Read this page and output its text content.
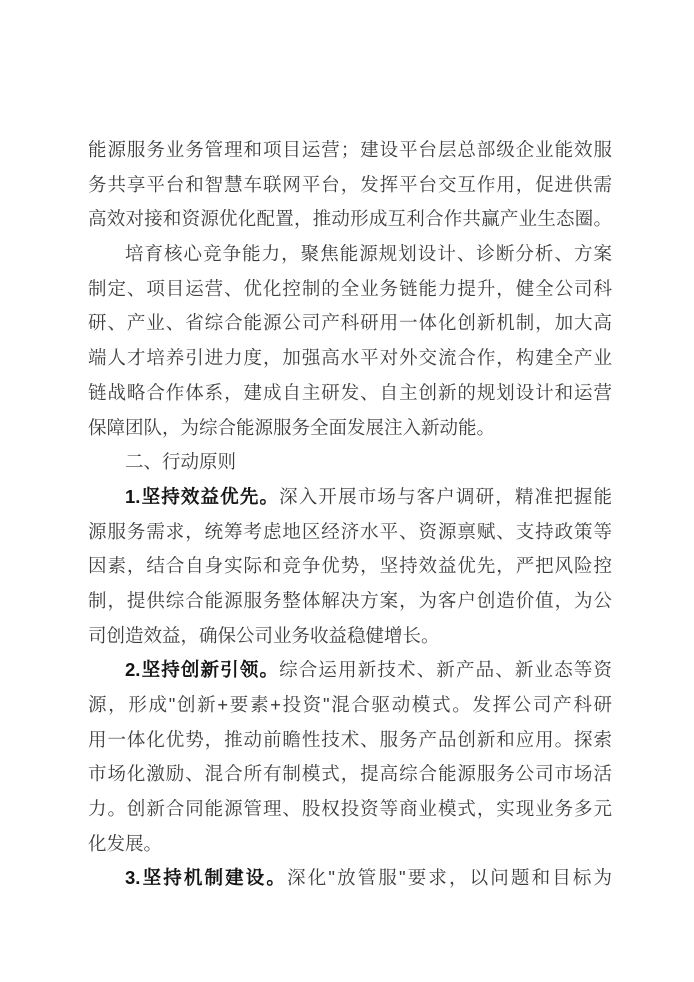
能源服务业务管理和项目运营；建设平台层总部级企业能效服
务共享平台和智慧车联网平台，发挥平台交互作用，促进供需
高效对接和资源优化配置，推动形成互利合作共赢产业生态圈。
培育核心竞争能力，聚焦能源规划设计、诊断分析、方案
制定、项目运营、优化控制的全业务链能力提升，健全公司科
研、产业、省综合能源公司产科研用一体化创新机制，加大高
端人才培养引进力度，加强高水平对外交流合作，构建全产业
链战略合作体系，建成自主研发、自主创新的规划设计和运营
保障团队，为综合能源服务全面发展注入新动能。
二、行动原则
1.坚持效益优先。深入开展市场与客户调研，精准把握能
源服务需求，统筹考虑地区经济水平、资源禀赋、支持政策等
因素，结合自身实际和竞争优势，坚持效益优先，严把风险控
制，提供综合能源服务整体解决方案，为客户创造价值，为公
司创造效益，确保公司业务收益稳健增长。
2.坚持创新引领。综合运用新技术、新产品、新业态等资
源，形成"创新+要素+投资"混合驱动模式。发挥公司产科研
用一体化优势，推动前瞻性技术、服务产品创新和应用。探索
市场化激励、混合所有制模式，提高综合能源服务公司市场活
力。创新合同能源管理、股权投资等商业模式，实现业务多元
化发展。
3.坚持机制建设。深化"放管服"要求，以问题和目标为
